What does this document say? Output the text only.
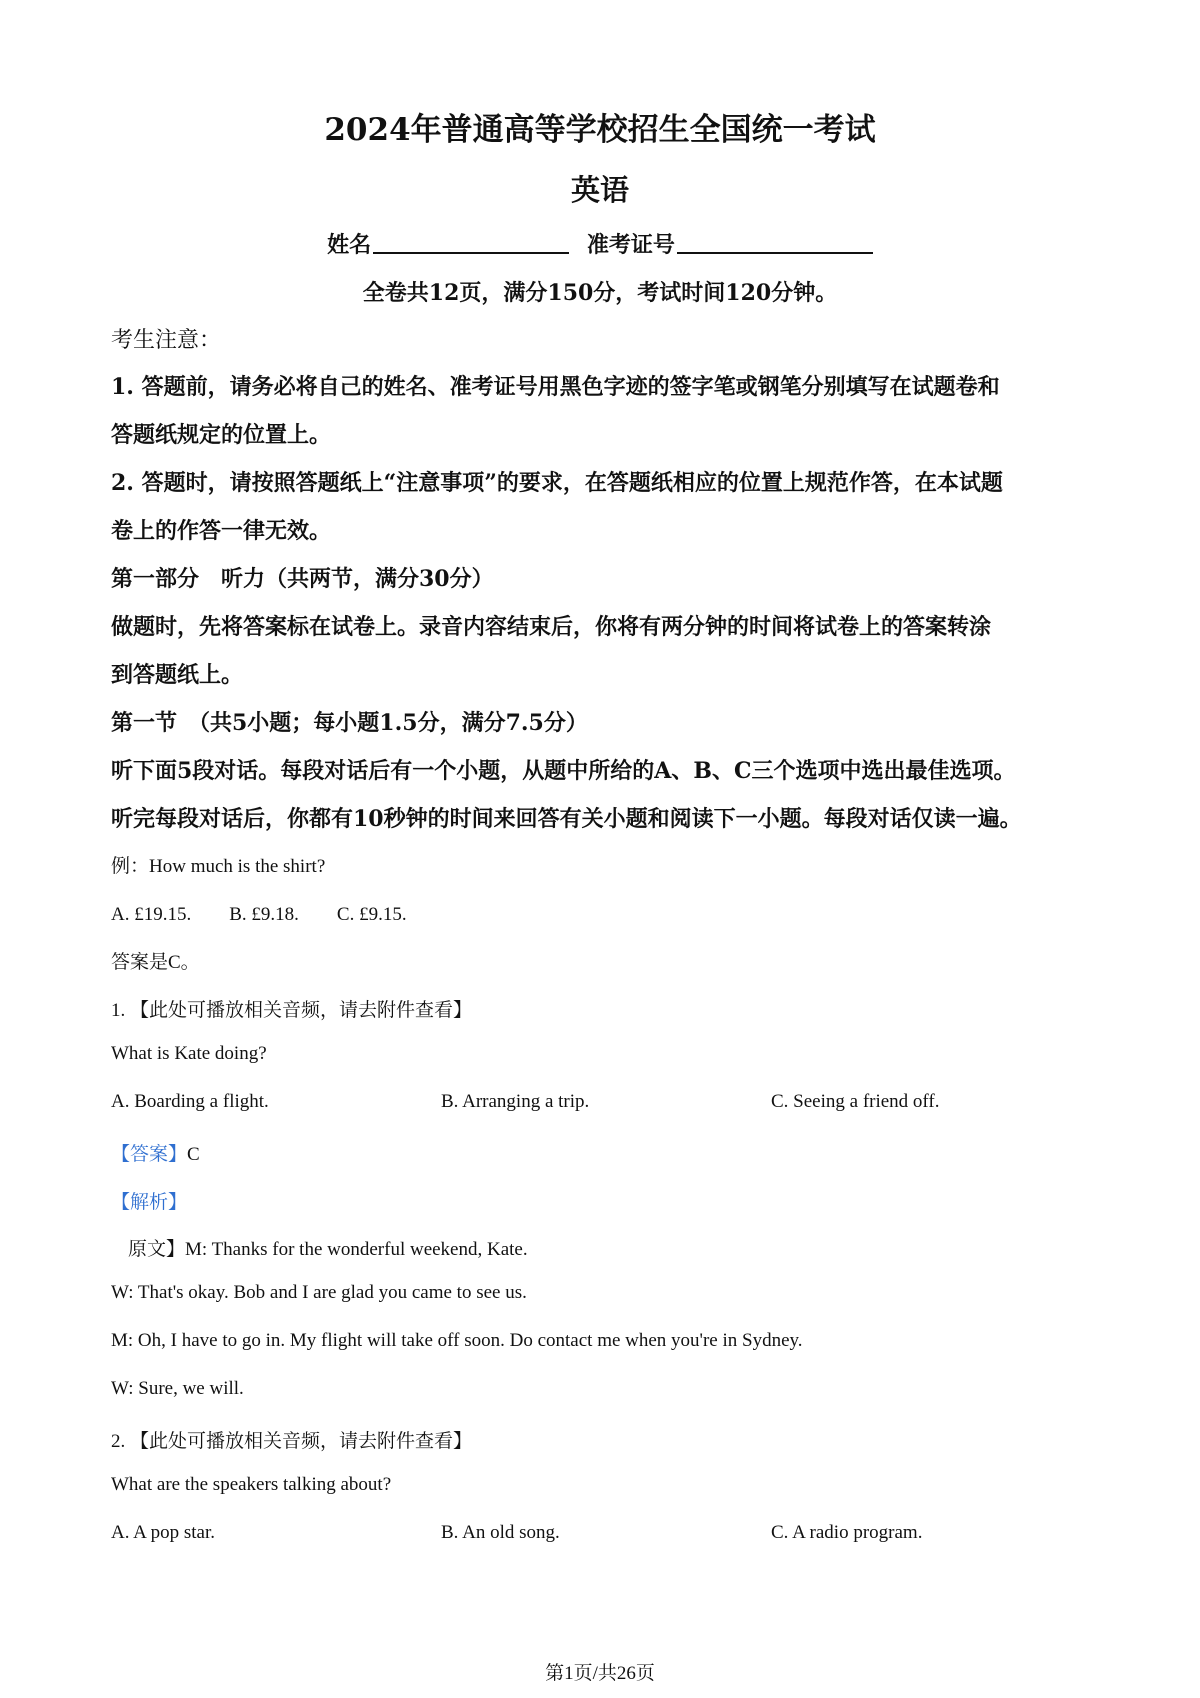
2024年普通高等学校招生全国统一考试
英语
姓名	准考证号
全卷共12页，满分150分，考试时间120分钟。
考生注意：
1. 答题前，请务必将自己的姓名、准考证号用黑色字迹的签字笔或钢笔分别填写在试题卷和
答题纸规定的位置上。
2. 答题时，请按照答题纸上“注意事项”的要求，在答题纸相应的位置上规范作答，在本试题
卷上的作答一律无效。
第一部分　听力（共两节，满分30分）
做题时，先将答案标在试卷上。录音内容结束后，你将有两分钟的时间将试卷上的答案转涂
到答题纸上。
第一节　（共5小题；每小题1.5分，满分7.5分）
听下面5段对话。每段对话后有一个小题，从题中所给的A、B、C三个选项中选出最佳选项。
听完每段对话后，你都有10秒钟的时间来回答有关小题和阅读下一小题。每段对话仅读一遍。
例：How much is the shirt?
A. £19.15.　　B. £9.18.　　C. £9.15.
答案是C。
1. 【此处可播放相关音频，请去附件查看】
What is Kate doing?
A. Boarding a flight.	B. Arranging a trip.	C. Seeing a friend off.
【答案】C
【解析】
原文】M: Thanks for the wonderful weekend, Kate.
W: That's okay. Bob and I are glad you came to see us.
M: Oh, I have to go in. My flight will take off soon. Do contact me when you're in Sydney.
W: Sure, we will.
2. 【此处可播放相关音频，请去附件查看】
What are the speakers talking about?
A. A pop star.	B. An old song.	C. A radio program.
第1页/共26页
